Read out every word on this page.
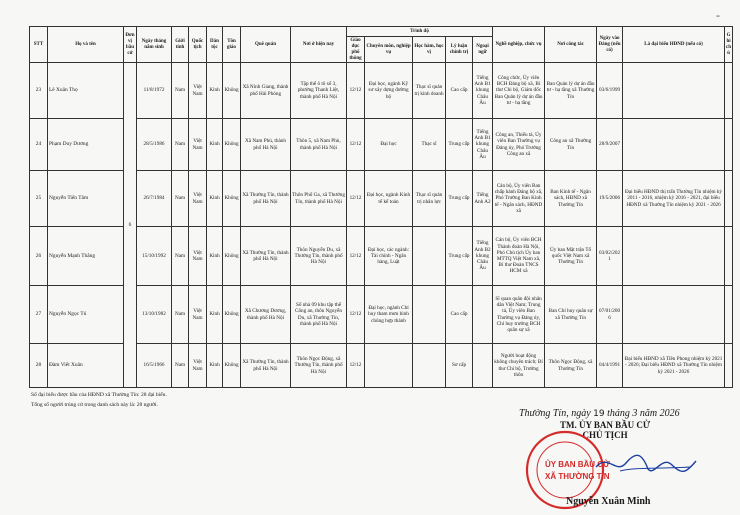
‑
STT	Họ và tên	Đơn vị bầu cử	Ngày tháng năm sinh	Giới tính	Quốc tịch	Dân tộc	Tôn giáo	Quê quán	Nơi ở hiện nay	Trình độ					Nghề nghiệp, chức vụ	Nơi công tác	Ngày vào Đảng (nếu có)	Là đại biểu HĐND (nếu có)	Ghi chú
										Giáo dục phổ thông	Chuyên môn, nghiệp vụ	Học hàm, học vị	Lý luận chính trị	Ngoại ngữ					
23	Lê Xuân Thọ	6	11/8/1972	Nam	Việt Nam	Kinh	Không	Xã Ninh Giang, thành phố Hải Phòng	Tập thể ô tô số 3, phường Thanh Liệt, thành phố Hà Nội	12/12	Đại học, ngành Kỹ sư xây dựng đường bộ	Thạc sĩ quản trị kinh doanh	Cao cấp	Tiếng Anh B1 khung Châu Âu	Công chức, Ủy viên BCH Đảng bộ xã, Bí thư Chi bộ, Giám đốc Ban Quản lý dự án đầu tư - hạ tầng	Ban Quản lý dự án đầu tư - hạ tầng xã Thường Tín	03/6/1999		
24	Phạm Duy Dương		28/5/1986	Nam	Việt Nam	Kinh	Không	Xã Nam Phù, thành phố Hà Nội	Thôn 5, xã Nam Phù, thành phố Hà Nội	12/12	Đại học	Thạc sĩ	Trung cấp	Tiếng Anh B1 khung Châu Âu	Công an, Thiếu tá, Ủy viên Ban Thường vụ Đảng ủy, Phó Trưởng Công an xã	Công an xã Thường Tín	28/9/2007		
25	Nguyễn Tiến Tâm		26/7/1984	Nam	Việt Nam	Kinh	Không	Xã Thường Tín, thành phố Hà Nội	Thôn Phố Ga, xã Thường Tín, thành phố Hà Nội	12/12	Đại học, ngành Kinh tế kế toán	Thạc sĩ quản trị nhân lực	Trung cấp	Tiếng Anh A2	Cán bộ, Ủy viên Ban chấp hành Đảng bộ xã, Phó Trưởng Ban Kinh tế - Ngân sách, HĐND xã	Ban Kinh tế - Ngân sách, HĐND xã Thường Tín	19/5/2006	Đại biểu HĐND thị trấn Thường Tín nhiệm kỳ 2011 - 2016, nhiệm kỳ 2016 - 2021, đại biểu HĐND xã Thường Tín nhiệm kỳ 2021 - 2026	
26	Nguyễn Mạnh Thắng		15/10/1992	Nam	Việt Nam	Kinh	Không	Xã Thường Tín, thành phố Hà Nội	Thôn Nguyễn Du, xã Thường Tín, thành phố Hà Nội	12/12	Đại học, các ngành: Tài chính - Ngân hàng, Luật		Trung cấp	Tiếng Anh B2 khung Châu Âu	Cán bộ, Ủy viên BCH Thành đoàn Hà Nội, Phó Chủ tịch Ủy ban MTTQ Việt Nam xã, Bí thư Đoàn TNCS HCM xã	Ủy ban Mặt trận Tổ quốc Việt Nam xã Thường Tín	03/02/2021		
27	Nguyễn Ngọc Tú		13/10/1982	Nam	Việt Nam	Kinh	Không	Xã Chương Dương, thành phố Hà Nội	Số nhà 09 khu tập thể Công an, thôn Nguyễn Du, xã Thường Tín, thành phố Hà Nội	12/12	Đại học, ngành Chỉ huy tham mưu binh chủng hợp thành		Cao cấp		Sĩ quan quân đội nhân dân Việt Nam; Trung tá, Ủy viên Ban Thường vụ Đảng ủy, Chỉ huy trưởng BCH quân sự xã	Ban Chỉ huy quân sự xã Thường Tín	07/01/2006		
28	Đàm Viết Xuân		16/5/1966	Nam	Việt Nam	Kinh	Không	Xã Thường Tín, thành phố Hà Nội	Thôn Ngọc Động, xã Thường Tín, thành phố Hà Nội	12/12			Sơ cấp		Người hoạt động không chuyên trách; Bí thư Chi bộ, Trưởng thôn	Thôn Ngọc Động, xã Thường Tín	04/4/1991	Đại biểu HĐND xã Tiền Phong nhiệm kỳ 2021 - 2026; Đại biểu HĐND xã Thường Tín nhiệm kỳ 2021 - 2026	
Số đại biểu được bầu của HĐND xã Thường Tín: 28 đại biểu.
Tổng số người trúng cử trong danh sách này là: 28 người.
Thường Tín, ngày 19 tháng 3 năm 2026
TM. ỦY BAN BẦU CỬ
CHỦ TỊCH
ỦY BAN BẦU CỬ
XÃ THƯỜNG TÍN
Nguyễn Xuân Minh
